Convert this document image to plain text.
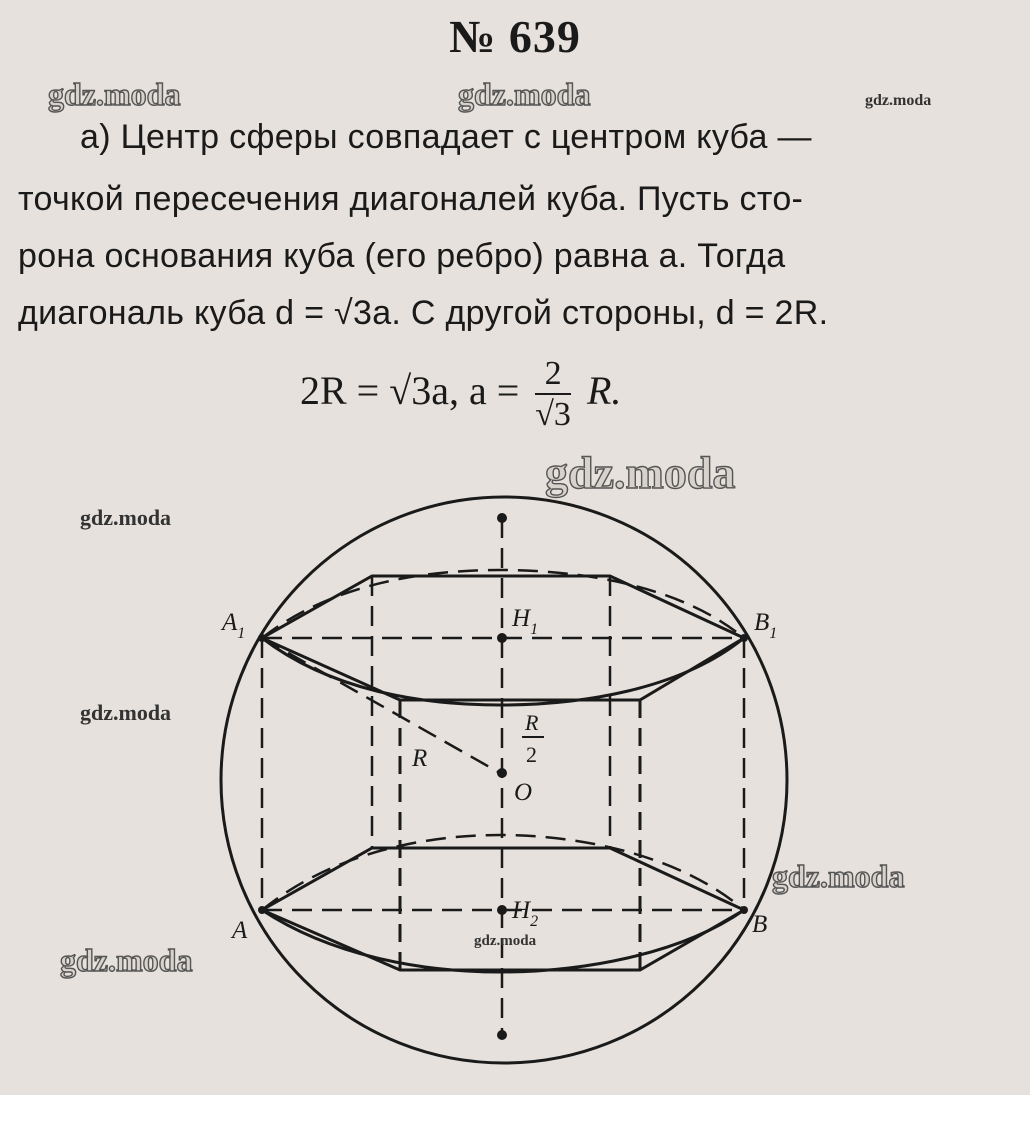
№ 639
а) Центр сферы совпадает с центром куба —
точкой пересечения диагоналей куба. Пусть сто-
рона основания куба (его ребро) равна a. Тогда
диагональ куба d = √3a. С другой стороны, d = 2R.
2R = √3a, $a = \frac{2}{√3} R$.
$A_1$	$B_1$
$H_1$
$H_2$
A	B
O
R
R
2
gdz.moda	gdz.moda	gdz.moda
gdz.moda
gdz.moda
gdz.moda
gdz.moda
gdz.moda
gdz.moda
